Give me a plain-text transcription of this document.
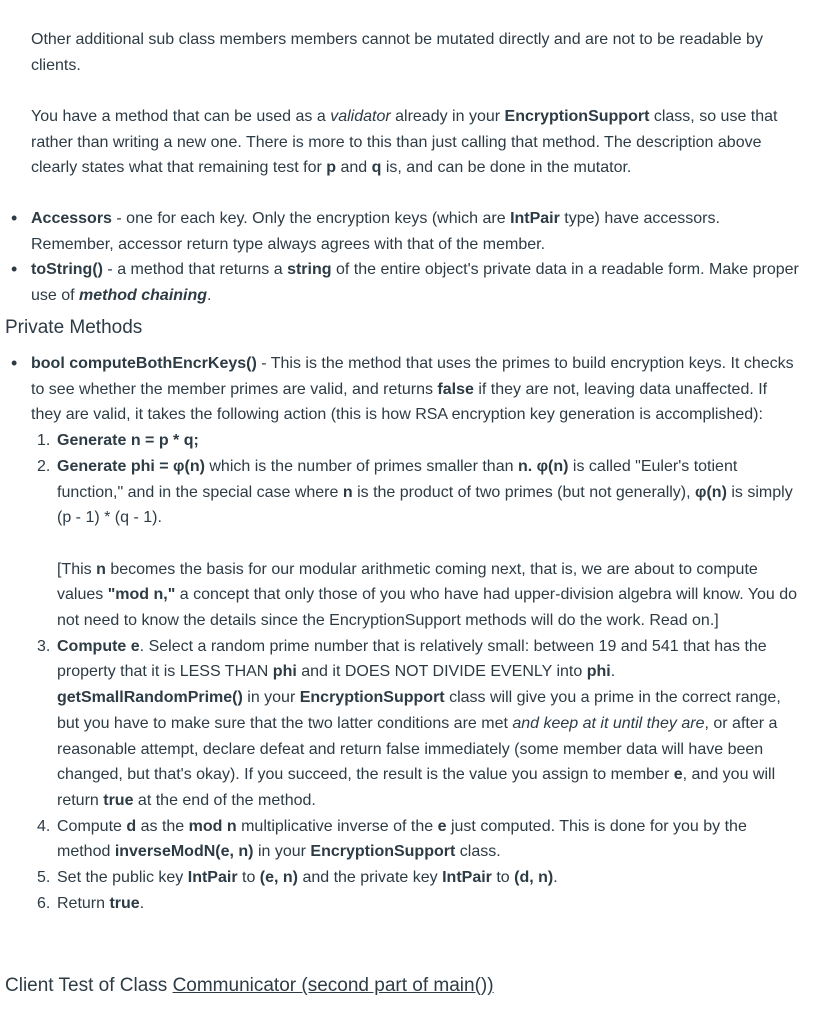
Other additional sub class members members cannot be mutated directly and are not to be readable by clients.

You have a method that can be used as a validator already in your EncryptionSupport class, so use that rather than writing a new one. There is more to this than just calling that method. The description above clearly states what that remaining test for p and q is, and can be done in the mutator.

• Accessors - one for each key. Only the encryption keys (which are IntPair type) have accessors. Remember, accessor return type always agrees with that of the member.
• toString() - a method that returns a string of the entire object's private data in a readable form. Make proper use of method chaining.
Private Methods
• bool computeBothEncrKeys() - This is the method that uses the primes to build encryption keys. It checks to see whether the member primes are valid, and returns false if they are not, leaving data unaffected. If they are valid, it takes the following action (this is how RSA encryption key generation is accomplished):
1. Generate n = p * q;
2. Generate phi = φ(n) which is the number of primes smaller than n. φ(n) is called "Euler's totient function," and in the special case where n is the product of two primes (but not generally), φ(n) is simply (p - 1) * (q - 1).
[This n becomes the basis for our modular arithmetic coming next, that is, we are about to compute values "mod n," a concept that only those of you who have had upper-division algebra will know. You do not need to know the details since the EncryptionSupport methods will do the work. Read on.]
3. Compute e. Select a random prime number that is relatively small: between 19 and 541 that has the property that it is LESS THAN phi and it DOES NOT DIVIDE EVENLY into phi. getSmallRandomPrime() in your EncryptionSupport class will give you a prime in the correct range, but you have to make sure that the two latter conditions are met and keep at it until they are, or after a reasonable attempt, declare defeat and return false immediately (some member data will have been changed, but that's okay). If you succeed, the result is the value you assign to member e, and you will return true at the end of the method.
4. Compute d as the mod n multiplicative inverse of the e just computed. This is done for you by the method inverseModN(e, n) in your EncryptionSupport class.
5. Set the public key IntPair to (e, n) and the private key IntPair to (d, n).
6. Return true.
Client Test of Class Communicator (second part of main())
